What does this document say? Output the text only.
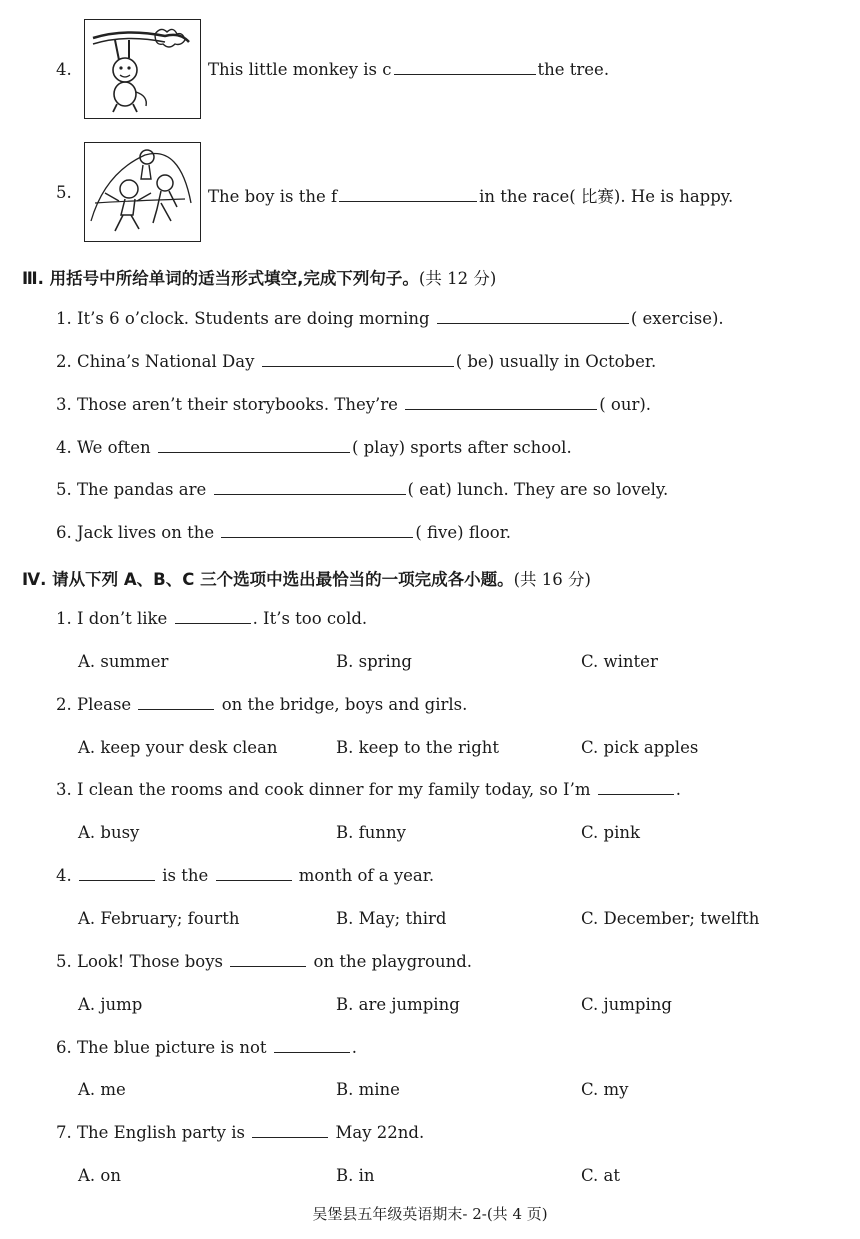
4.	This little monkey is c	the tree.
5.	The boy is the f	in the race( 比赛). He is happy.
Ⅲ. 用括号中所给单词的适当形式填空,完成下列句子。(共 12 分)
1. It’s 6 o’clock. Students are doing morning	( exercise).
2. China’s National Day	( be) usually in October.
3. Those aren’t their storybooks. They’re	( our).
4. We often	( play) sports after school.
5. The pandas are	( eat) lunch. They are so lovely.
6. Jack lives on the	( five) floor.
Ⅳ. 请从下列 A、B、C 三个选项中选出最恰当的一项完成各小题。(共 16 分)
1. I don’t like	. It’s too cold.
A. summer	B. spring	C. winter
2. Please	on the bridge, boys and girls.
A. keep your desk clean	B. keep to the right	C. pick apples
3. I clean the rooms and cook dinner for my family today, so I’m	.
A. busy	B. funny	C. pink
4.	is the	month of a year.
A. February; fourth	B. May; third	C. December; twelfth
5. Look! Those boys	on the playground.
A. jump	B. are jumping	C. jumping
6. The blue picture is not	.
A. me	B. mine	C. my
7. The English party is	May 22nd.
A. on	B. in	C. at
吴堡县五年级英语期末- 2-(共 4 页)
